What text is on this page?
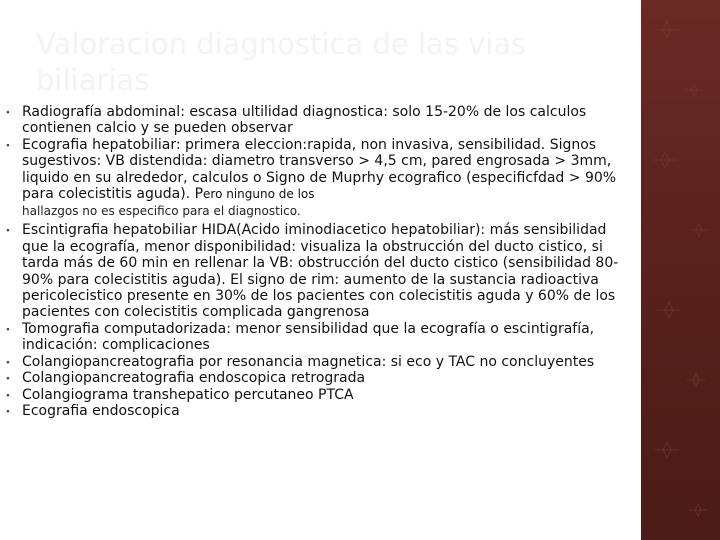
Valoracion diagnostica de las vias biliarias
∙ Radiografía abdominal: escasa ultilidad diagnostica: solo 15-20% de los calculos contienen calcio y se pueden observar
∙ Ecografia hepatobiliar: primera eleccion:rapida, non invasiva, sensibilidad. Signos sugestivos: VB distendida: diametro transverso > 4,5 cm, pared engrosada > 3mm, liquido en su alrededor, calculos o Signo de Muprhy ecografico (especificfdad > 90% para colecistitis aguda). Pero ninguno de los
hallazgos no es especifico para el diagnostico.
∙ Escintigrafia hepatobiliar HIDA(Acido iminodiacetico hepatobiliar): más sensibilidad que la ecografía, menor disponibilidad: visualiza la obstrucción del ducto cistico, si tarda más de 60 min en rellenar la VB: obstrucción del ducto cistico (sensibilidad 80-90% para colecistitis aguda). El signo de rim: aumento de la sustancia radioactiva pericolecistico presente en 30% de los pacientes con colecistitis aguda y 60% de los pacientes con colecistitis complicada gangrenosa
∙ Tomografia computadorizada: menor sensibilidad que la ecografía o escintigrafía, indicación: complicaciones
∙ Colangiopancreatografia por resonancia magnetica: si eco y TAC no concluyentes
∙ Colangiopancreatografia endoscopica retrograda
∙ Colangiograma transhepatico percutaneo PTCA
∙ Ecografia endoscopica
